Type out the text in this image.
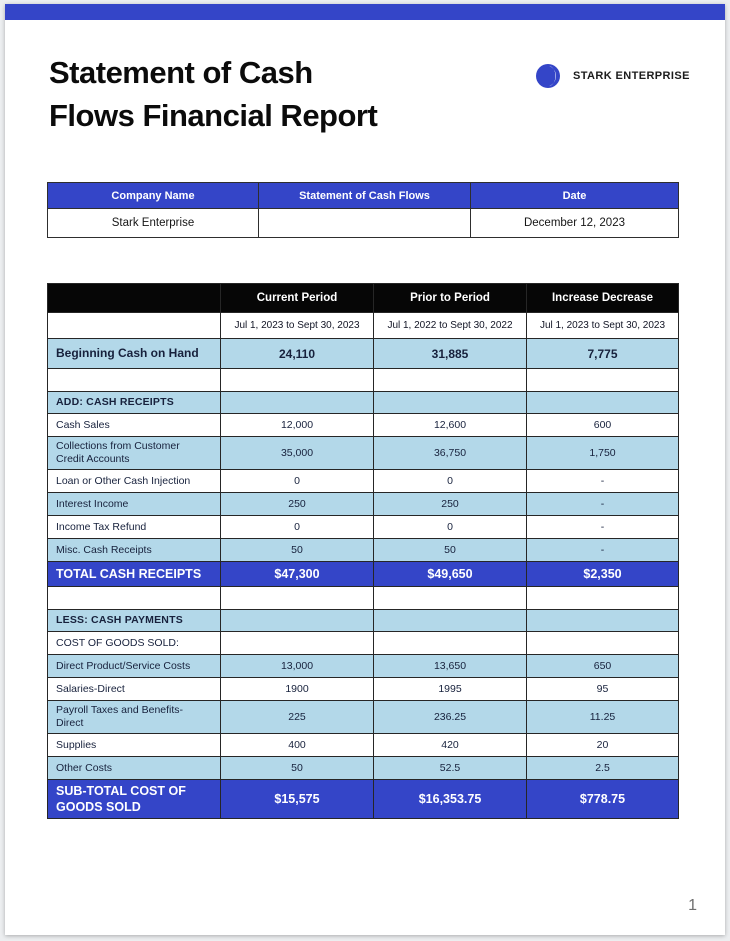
Statement of Cash
Flows Financial Report
STARK ENTERPRISE
Company Name	Statement of Cash Flows	Date
Stark Enterprise		December 12, 2023
	Current Period	Prior to Period	Increase Decrease
	Jul 1, 2023 to Sept 30, 2023	Jul 1, 2022 to Sept 30, 2022	Jul 1, 2023 to Sept 30, 2023
Beginning Cash on Hand	24,110	31,885	7,775

ADD: CASH RECEIPTS			
Cash Sales	12,000	12,600	600
Collections from Customer Credit Accounts	35,000	36,750	1,750
Loan or Other Cash Injection	0	0	-
Interest Income	250	250	-
Income Tax Refund	0	0	-
Misc. Cash Receipts	50	50	-
TOTAL CASH RECEIPTS	$47,300	$49,650	$2,350

LESS: CASH PAYMENTS			
COST OF GOODS SOLD:			
Direct Product/Service Costs	13,000	13,650	650
Salaries-Direct	1900	1995	95
Payroll Taxes and Benefits-Direct	225	236.25	11.25
Supplies	400	420	20
Other Costs	50	52.5	2.5
SUB-TOTAL COST OF GOODS SOLD	$15,575	$16,353.75	$778.75
1
